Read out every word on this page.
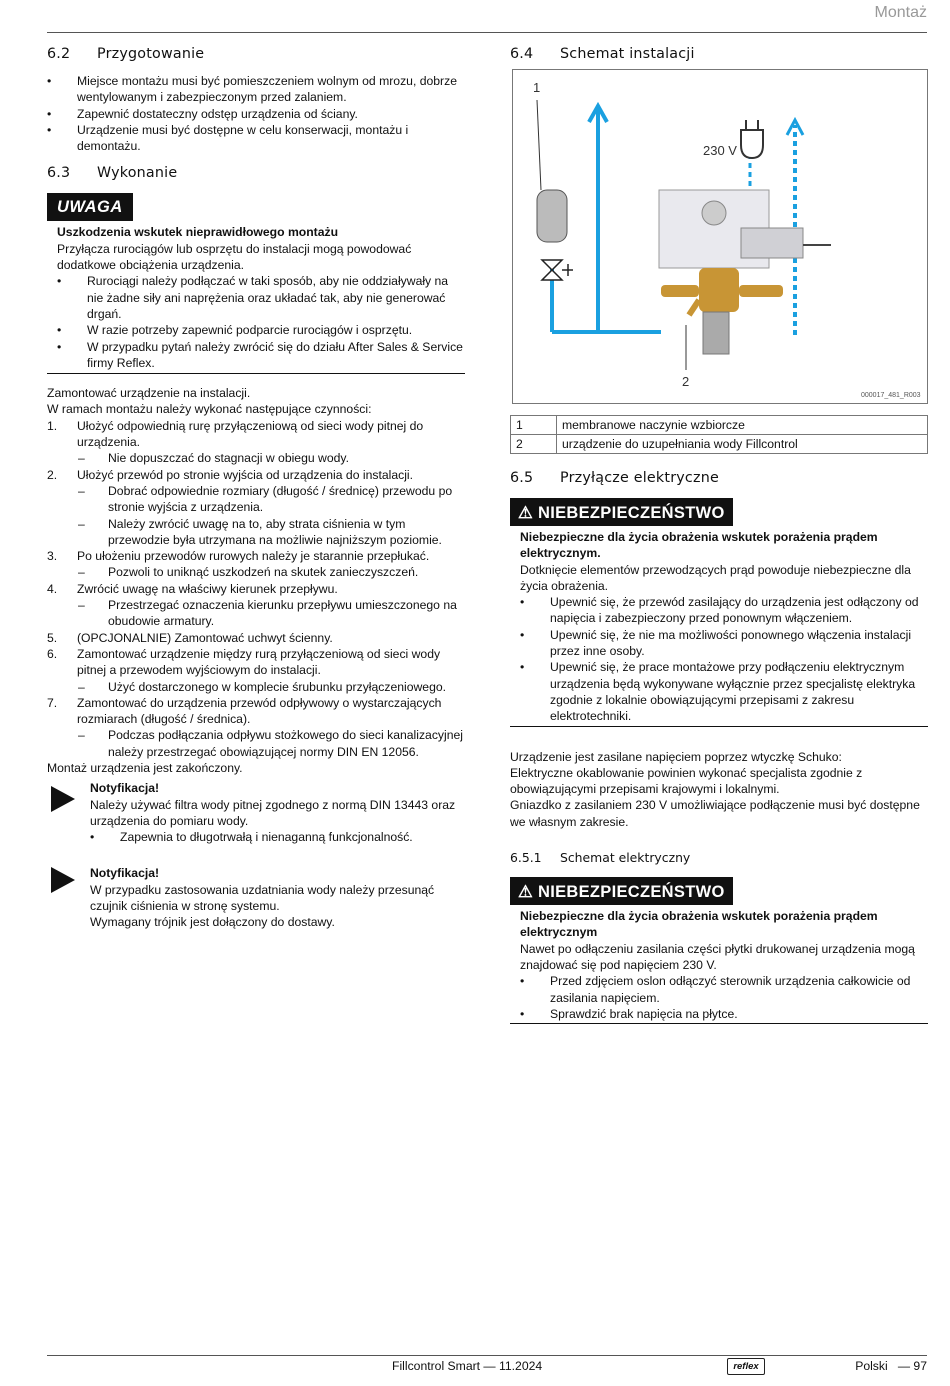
Montaż
Fillcontrol Smart — 11.2024	reflex	Polski   — 97
6.2 Przygotowanie
• Miejsce montażu musi być pomieszczeniem wolnym od mrozu, dobrze wentylowanym i zabezpieczonym przed zalaniem.
• Zapewnić dostateczny odstęp urządzenia od ściany.
• Urządzenie musi być dostępne w celu konserwacji, montażu i demontażu.
6.3 Wykonanie
UWAGA

Uszkodzenia wskutek nieprawidłowego montażu

Przyłącza rurociągów lub osprzętu do instalacji mogą powodować dodatkowe obciążenia urządzenia.

• Rurociągi należy podłączać w taki sposób, aby nie oddziaływały na nie żadne siły ani naprężenia oraz układać tak, aby nie generować drgań.
• W razie potrzeby zapewnić podparcie rurociągów i osprzętu.
• W przypadku pytań należy zwrócić się do działu After Sales & Service firmy Reflex.

Zamontować urządzenie na instalacji.

W ramach montażu należy wykonać następujące czynności:

1. Ułożyć odpowiednią rurę przyłączeniową od sieci wody pitnej do urządzenia.
– Nie dopuszczać do stagnacji w obiegu wody.
2. Ułożyć przewód po stronie wyjścia od urządzenia do instalacji.
– Dobrać odpowiednie rozmiary (długość / średnicę) przewodu po stronie wyjścia z urządzenia.
– Należy zwrócić uwagę na to, aby strata ciśnienia w tym przewodzie była utrzymana na możliwie najniższym poziomie.
3. Po ułożeniu przewodów rurowych należy je starannie przepłukać.
– Pozwoli to uniknąć uszkodzeń na skutek zanieczyszczeń.
4. Zwrócić uwagę na właściwy kierunek przepływu.
– Przestrzegać oznaczenia kierunku przepływu umieszczonego na obudowie armatury.
5. (OPCJONALNIE) Zamontować uchwyt ścienny.
6. Zamontować urządzenie między rurą przyłączeniową od sieci wody pitnej a przewodem wyjściowym do instalacji.
– Użyć dostarczonego w komplecie śrubunku przyłączeniowego.
7. Zamontować do urządzenia przewód odpływowy o wystarczających rozmiarach (długość / średnica).
– Podczas podłączania odpływu stożkowego do sieci kanalizacyjnej należy przestrzegać obowiązującej normy DIN EN 12056.

Montaż urządzenia jest zakończony.

Notyfikacja!

Należy używać filtra wody pitnej zgodnego z normą DIN 13443 oraz urządzenia do pomiaru wody.

• Zapewnia to długotrwałą i nienaganną funkcjonalność.

Notyfikacja!

W przypadku zastosowania uzdatniania wody należy przesunąć czujnik ciśnienia w stronę systemu.

Wymagany trójnik jest dołączony do dostawy.

6.4 Schemat instalacji
1
2
230 V
000017_481_R003
1	membranowe naczynie wzbiorcze
2	urządzenie do uzupełniania wody Fillcontrol
6.5 Przyłącze elektryczne
⚠ NIEBEZPIECZEŃSTWO

Niebezpieczne dla życia obrażenia wskutek porażenia prądem elektrycznym.

Dotknięcie elementów przewodzących prąd powoduje niebezpieczne dla życia obrażenia.

• Upewnić się, że przewód zasilający do urządzenia jest odłączony od napięcia i zabezpieczony przed ponownym włączeniem.
• Upewnić się, że nie ma możliwości ponownego włączenia instalacji przez inne osoby.
• Upewnić się, że prace montażowe przy podłączeniu elektrycznym urządzenia będą wykonywane wyłącznie przez specjalistę elektryka zgodnie z lokalnie obowiązującymi przepisami z zakresu elektrotechniki.

Urządzenie jest zasilane napięciem poprzez wtyczkę Schuko:

Elektryczne okablowanie powinien wykonać specjalista zgodnie z obowiązującymi przepisami krajowymi i lokalnymi.

Gniazdko z zasilaniem 230 V umożliwiające podłączenie musi być dostępne we własnym zakresie.

6.5.1 Schemat elektryczny
⚠ NIEBEZPIECZEŃSTWO

Niebezpieczne dla życia obrażenia wskutek porażenia prądem elektrycznym

Nawet po odłączeniu zasilania części płytki drukowanej urządzenia mogą znajdować się pod napięciem 230 V.

• Przed zdjęciem oslon odłączyć sterownik urządzenia całkowicie od zasilania napięciem.
• Sprawdzić brak napięcia na płytce.
